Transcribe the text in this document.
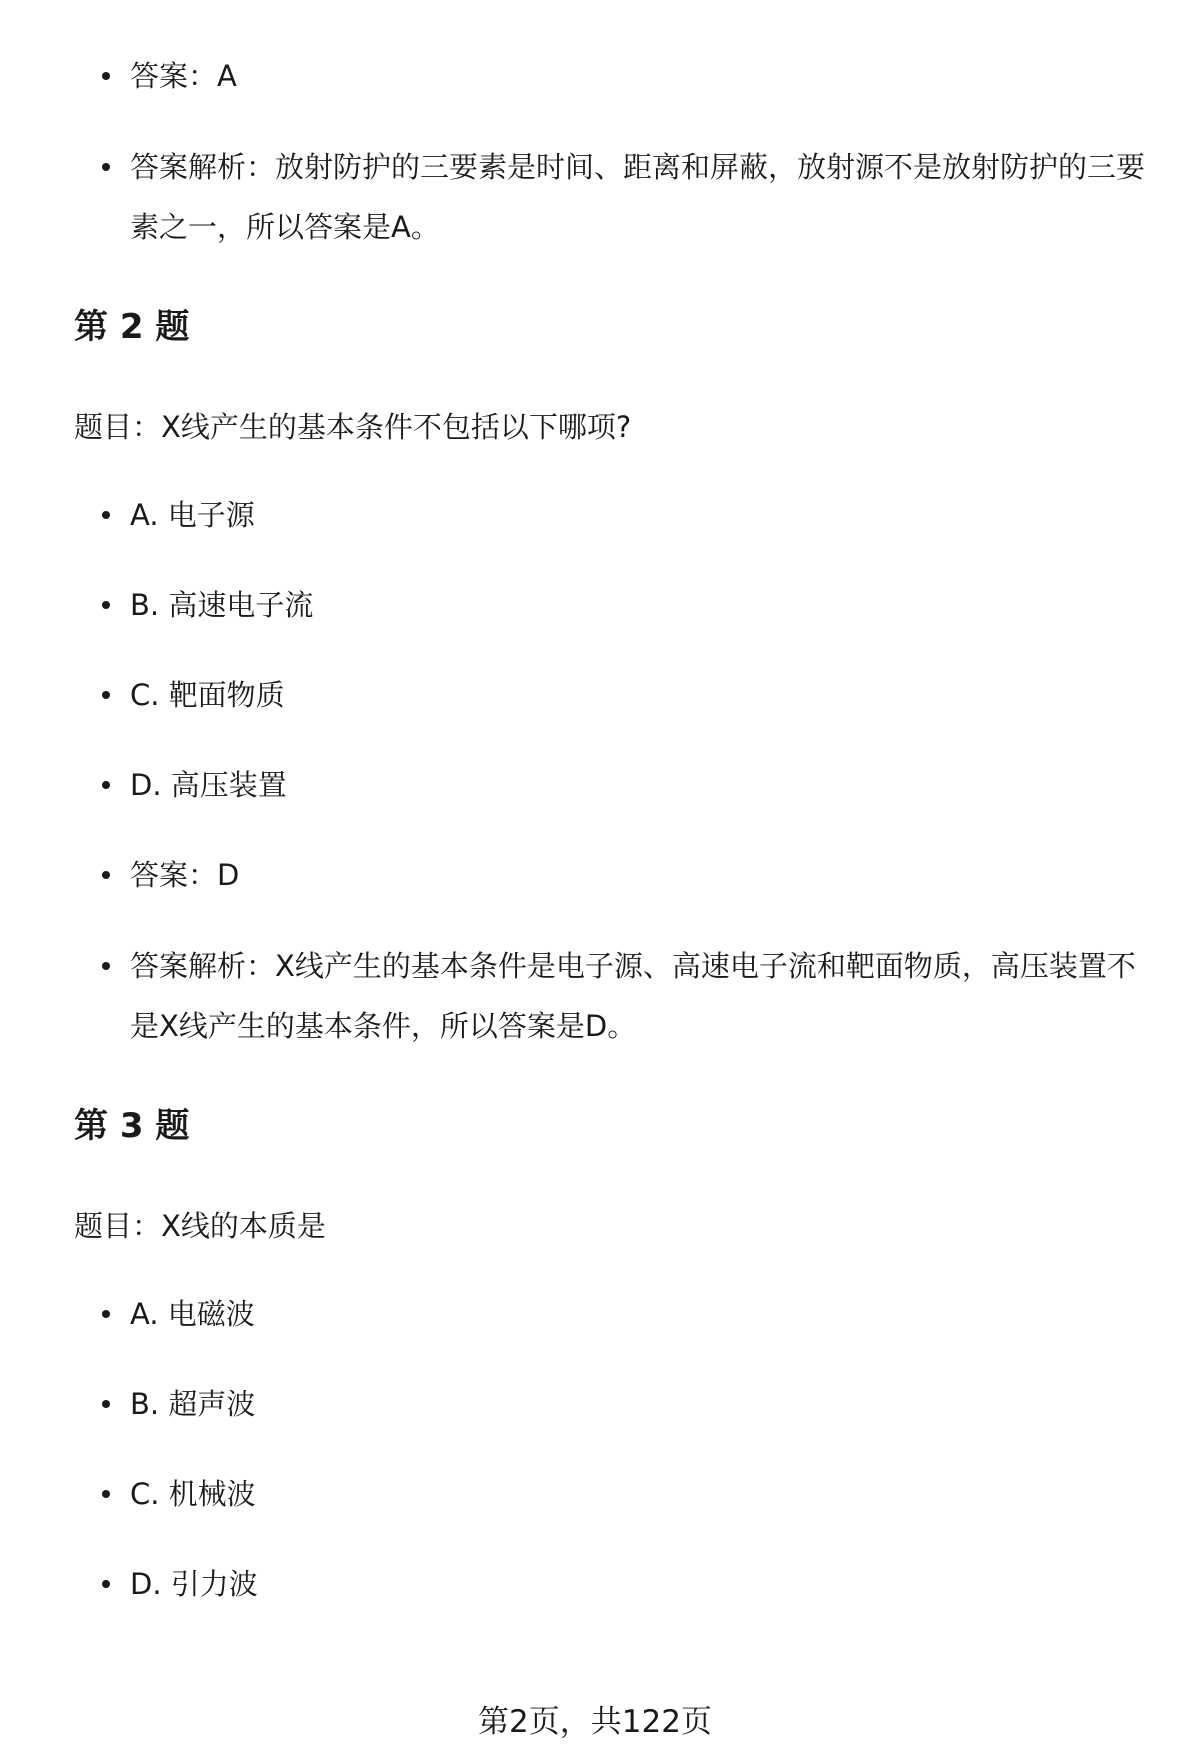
答案：A
答案解析：放射防护的三要素是时间、距离和屏蔽，放射源不是放射防护的三要素之一，所以答案是A。
第 2 题
题目：X线产生的基本条件不包括以下哪项?
A. 电子源
B. 高速电子流
C. 靶面物质
D. 高压装置
答案：D
答案解析：X线产生的基本条件是电子源、高速电子流和靶面物质，高压装置不是X线产生的基本条件，所以答案是D。
第 3 题
题目：X线的本质是
A. 电磁波
B. 超声波
C. 机械波
D. 引力波
第2页，共122页
